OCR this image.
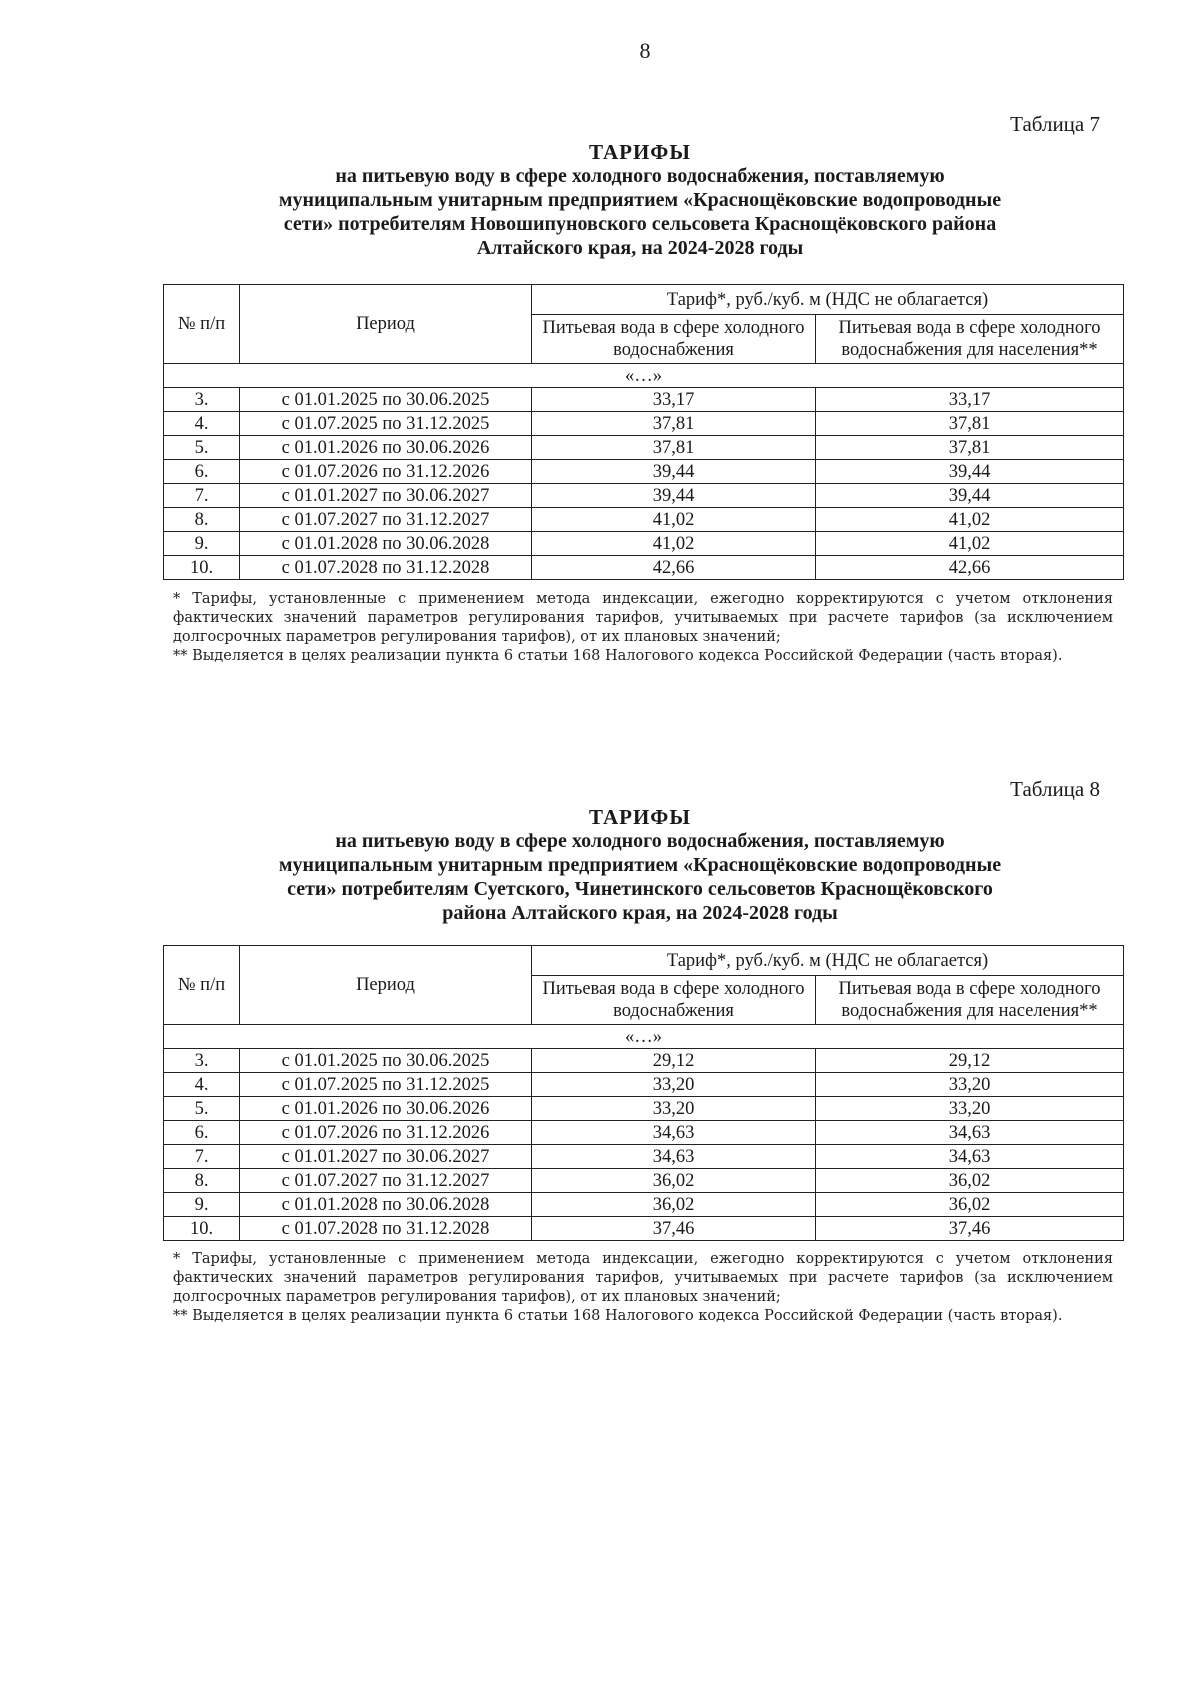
8
Таблица 7
ТАРИФЫ
на питьевую воду в сфере холодного водоснабжения, поставляемую
муниципальным унитарным предприятием «Краснощёковские водопроводные
сети» потребителям Новошипуновского сельсовета Краснощёковского района
Алтайского края, на 2024-2028 годы
№ п/п	Период	Тариф*, руб./куб. м (НДС не облагается)	
		Питьевая вода в сфере холодного водоснабжения	Питьевая вода в сфере холодного водоснабжения для населения**
«…»			
3.	с 01.01.2025 по 30.06.2025	33,17	33,17
4.	с 01.07.2025 по 31.12.2025	37,81	37,81
5.	с 01.01.2026 по 30.06.2026	37,81	37,81
6.	с 01.07.2026 по 31.12.2026	39,44	39,44
7.	с 01.01.2027 по 30.06.2027	39,44	39,44
8.	с 01.07.2027 по 31.12.2027	41,02	41,02
9.	с 01.01.2028 по 30.06.2028	41,02	41,02
10.	с 01.07.2028 по 31.12.2028	42,66	42,66

* Тарифы, установленные с применением метода индексации, ежегодно корректируются с учетом отклонения фактических значений параметров регулирования тарифов, учитываемых при расчете тарифов (за исключением долгосрочных параметров регулирования тарифов), от их плановых значений;

** Выделяется в целях реализации пункта 6 статьи 168 Налогового кодекса Российской Федерации (часть вторая).

Таблица 8
ТАРИФЫ
на питьевую воду в сфере холодного водоснабжения, поставляемую
муниципальным унитарным предприятием «Краснощёковские водопроводные
сети» потребителям Суетского, Чинетинского сельсоветов Краснощёковского
района Алтайского края, на 2024-2028 годы
№ п/п	Период	Тариф*, руб./куб. м (НДС не облагается)	
		Питьевая вода в сфере холодного водоснабжения	Питьевая вода в сфере холодного водоснабжения для населения**
«…»			
3.	с 01.01.2025 по 30.06.2025	29,12	29,12
4.	с 01.07.2025 по 31.12.2025	33,20	33,20
5.	с 01.01.2026 по 30.06.2026	33,20	33,20
6.	с 01.07.2026 по 31.12.2026	34,63	34,63
7.	с 01.01.2027 по 30.06.2027	34,63	34,63
8.	с 01.07.2027 по 31.12.2027	36,02	36,02
9.	с 01.01.2028 по 30.06.2028	36,02	36,02
10.	с 01.07.2028 по 31.12.2028	37,46	37,46

* Тарифы, установленные с применением метода индексации, ежегодно корректируются с учетом отклонения фактических значений параметров регулирования тарифов, учитываемых при расчете тарифов (за исключением долгосрочных параметров регулирования тарифов), от их плановых значений;

** Выделяется в целях реализации пункта 6 статьи 168 Налогового кодекса Российской Федерации (часть вторая).
